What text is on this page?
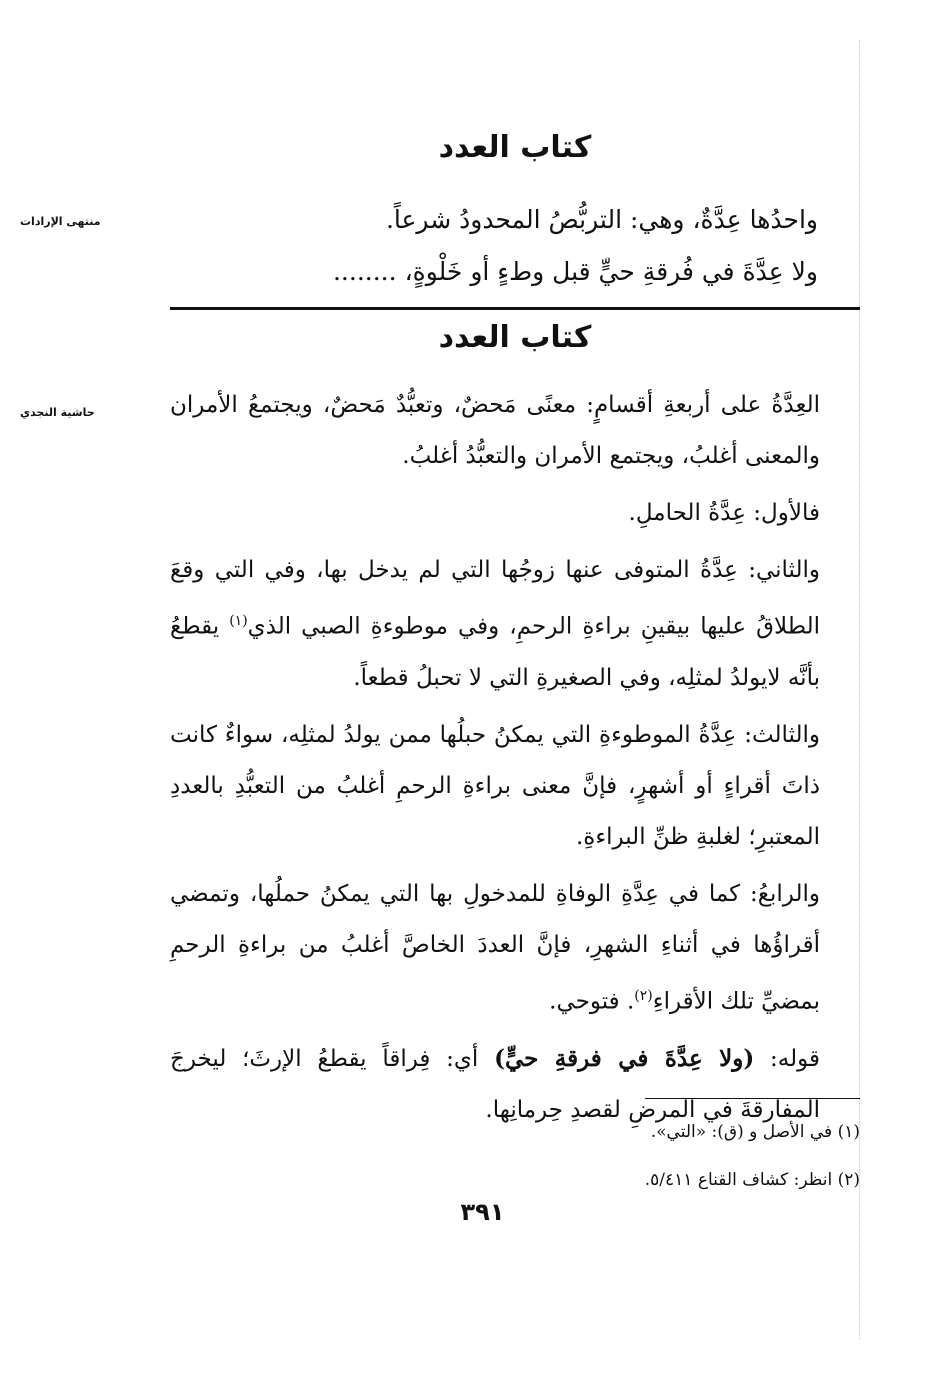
كتاب العدد
منتهى الإرادات	واحدُها عِدَّةٌ، وهي: التربُّصُ المحدودُ شرعاً.
ولا عِدَّةَ في فُرقةِ حيٍّ قبل وطءٍ أو خَلْوةٍ،........
كتاب العدد
حاشية النجدي	العِدَّةُ على أربعةِ أقسامٍ: معنًى مَحضٌ، وتعبُّدٌ مَحضٌ، ويجتمعُ الأمران والمعنى أغلبُ، ويجتمع الأمران والتعبُّدُ أغلبُ.

فالأول: عِدَّةُ الحاملِ.

والثاني: عِدَّةُ المتوفى عنها زوجُها التي لم يدخل بها، وفي التي وقعَ الطلاقُ عليها بيقينِ براءةِ الرحمِ، وفي موطوءةِ الصبي الذي$^{(١)}$ يقطعُ بأنَّه لايولدُ لمثلِه، وفي الصغيرةِ التي لا تحبلُ قطعاً.

والثالث: عِدَّةُ الموطوءةِ التي يمكنُ حبلُها ممن يولدُ لمثلِه، سواءٌ كانت ذاتَ أقراءٍ أو أشهرٍ، فإنَّ معنى براءةِ الرحمِ أغلبُ من التعبُّدِ بالعددِ المعتبرِ؛ لغلبةِ ظنِّ البراءةِ.

والرابعُ: كما في عِدَّةِ الوفاةِ للمدخولِ بها التي يمكنُ حملُها، وتمضي أقراؤُها في أثناءِ الشهرِ، فإنَّ العددَ الخاصَّ أغلبُ من براءةِ الرحمِ بمضيِّ تلك الأقراءِ$^{(٢)}$. فتوحي.

قوله: (ولا عِدَّةَ في فرقةِ حيٍّ) أي: فِراقاً يقطعُ الإرثَ؛ ليخرجَ المفارقةَ في المرضِ لقصدِ حِرمانِها.

(١) في الأصل و (ق): «التي».
(٢) انظر: كشاف القناع ٥/٤١١.
٣٩١
